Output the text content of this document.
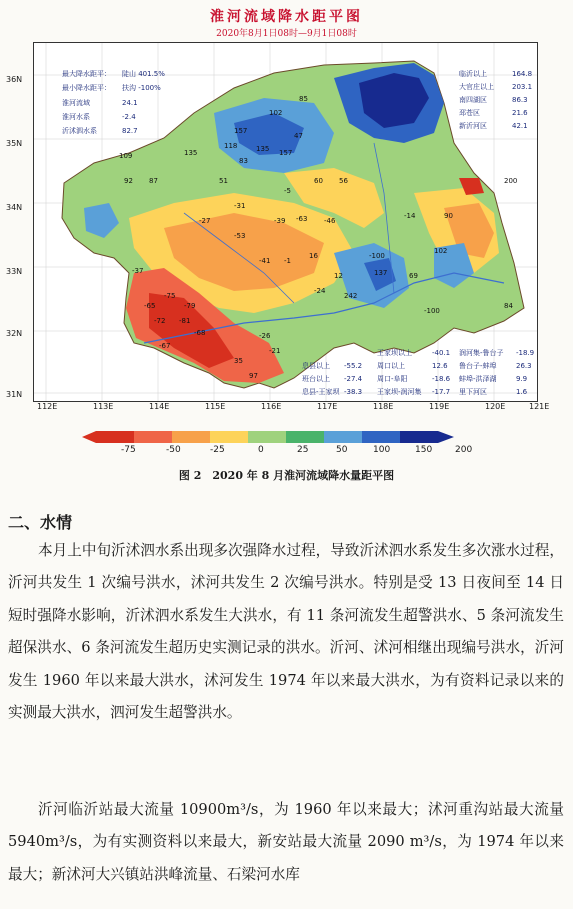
淮河流域降水距平图
2020年8月1日08时—9月1日08时
36N
35N
34N
33N
32N
31N
最大降水距平： 陡山 401.5%
最小降水距平： 扶沟 -100%
淮河流域	24.1
淮河水系	-2.4
沂沭泗水系	82.7
临沂以上	164.8
大官庄以上	203.1
南四湖区	86.3
邳苍区	21.6
新沂河区	42.1
息县以上 -55.2
班台以上 -27.4
息县-王家坝 -38.3
王家坝以上	-40.1
周口以上	12.6
周口-阜阳	-18.6
王家坝-润河集 -17.7
润河集-鲁台子 -18.9
鲁台子-蚌埠	26.3
蚌埠-洪泽湖	9.9
里下河区	1.6
85
102
157
135 157
47
83
51
118
109
87
92
135
60 56
-5
-31
-39 -63 -46
-27
-53
-41 -1
16	-100
12	137
90
-14
-100
-75
-79
-81
-68
-72
-65
-37
-26
-21
84
200
69
102
242
-24
-67
35
97
112E	113E	114E	115E	116E	117E	118E	119E	120E	121E
-75	-50	-25	0	25	50	100	150	200
图 2　2020 年 8 月淮河流域降水量距平图
二、水情

本月上中旬沂沭泗水系出现多次强降水过程，导致沂沭泗水系发生多次涨水过程，沂河共发生 1 次编号洪水，沭河共发生 2 次编号洪水。特别是受 13 日夜间至 14 日短时强降水影响，沂沭泗水系发生大洪水，有 11 条河流发生超警洪水、5 条河流发生超保洪水、6 条河流发生超历史实测记录的洪水。沂河、沭河相继出现编号洪水，沂河发生 1960 年以来最大洪水，沭河发生 1974 年以来最大洪水，为有资料记录以来的实测最大洪水，泗河发生超警洪水。

沂河临沂站最大流量 10900m³/s，为 1960 年以来最大；沭河重沟站最大流量 5940m³/s，为有实测资料以来最大，新安站最大流量 2090 m³/s，为 1974 年以来最大；新沭河大兴镇站洪峰流量、石梁河水库
